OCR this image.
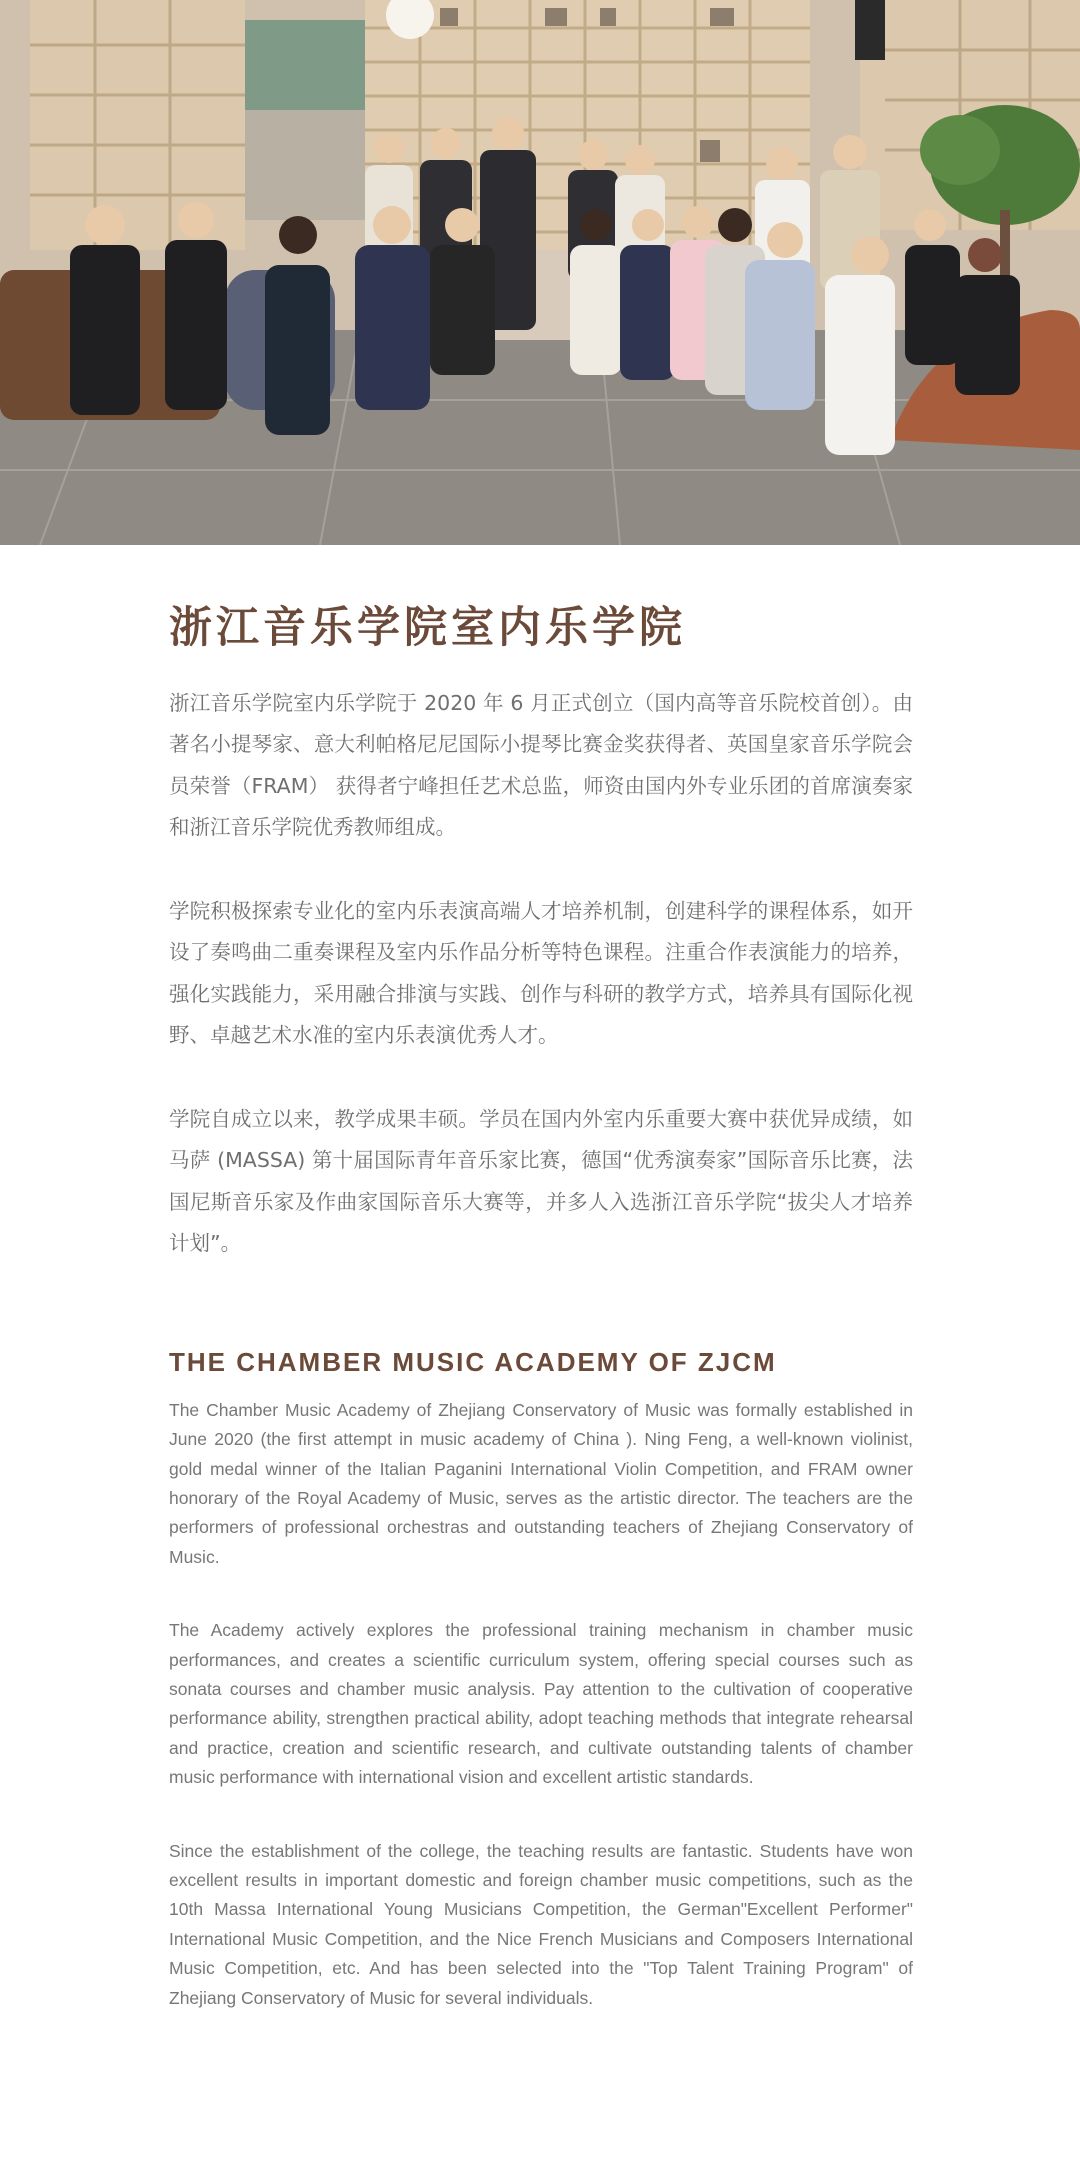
浙江音乐学院室内乐学院

浙江音乐学院室内乐学院于 2020 年 6 月正式创立（国内高等音乐院校首创）。由著名小提琴家、意大利帕格尼尼国际小提琴比赛金奖获得者、英国皇家音乐学院会员荣誉（FRAM） 获得者宁峰担任艺术总监，师资由国内外专业乐团的首席演奏家和浙江音乐学院优秀教师组成。

学院积极探索专业化的室内乐表演高端人才培养机制，创建科学的课程体系，如开设了奏鸣曲二重奏课程及室内乐作品分析等特色课程。注重合作表演能力的培养，强化实践能力，采用融合排演与实践、创作与科研的教学方式，培养具有国际化视野、卓越艺术水准的室内乐表演优秀人才。

学院自成立以来，教学成果丰硕。学员在国内外室内乐重要大赛中获优异成绩，如马萨 (MASSA) 第十届国际青年音乐家比赛，德国“优秀演奏家”国际音乐比赛，法国尼斯音乐家及作曲家国际音乐大赛等，并多人入选浙江音乐学院“拔尖人才培养计划”。

THE CHAMBER MUSIC ACADEMY OF ZJCM

The Chamber Music Academy of Zhejiang Conservatory of Music was formally established in June 2020 (the first attempt in music academy of China ). Ning Feng, a well-known violinist, gold medal winner of the Italian Paganini International Violin Competition, and FRAM owner honorary of the Royal Academy of Music, serves as the artistic director. The teachers are the performers of professional orchestras and outstanding teachers of Zhejiang Conservatory of Music.

The Academy actively explores the professional training mechanism in chamber music performances, and creates a scientific curriculum system, offering special courses such as sonata courses and chamber music analysis. Pay attention to the cultivation of cooperative performance ability, strengthen practical ability, adopt teaching methods that integrate rehearsal and practice, creation and scientific research, and cultivate outstanding talents of chamber music performance with international vision and excellent artistic standards.

Since the establishment of the college, the teaching results are fantastic. Students have won excellent results in important domestic and foreign chamber music competitions, such as the 10th Massa International Young Musicians Competition, the German"Excellent Performer" International Music Competition, and the Nice French Musicians and Composers International Music Competition, etc. And has been selected into the "Top Talent Training Program" of Zhejiang Conservatory of Music for several individuals.
